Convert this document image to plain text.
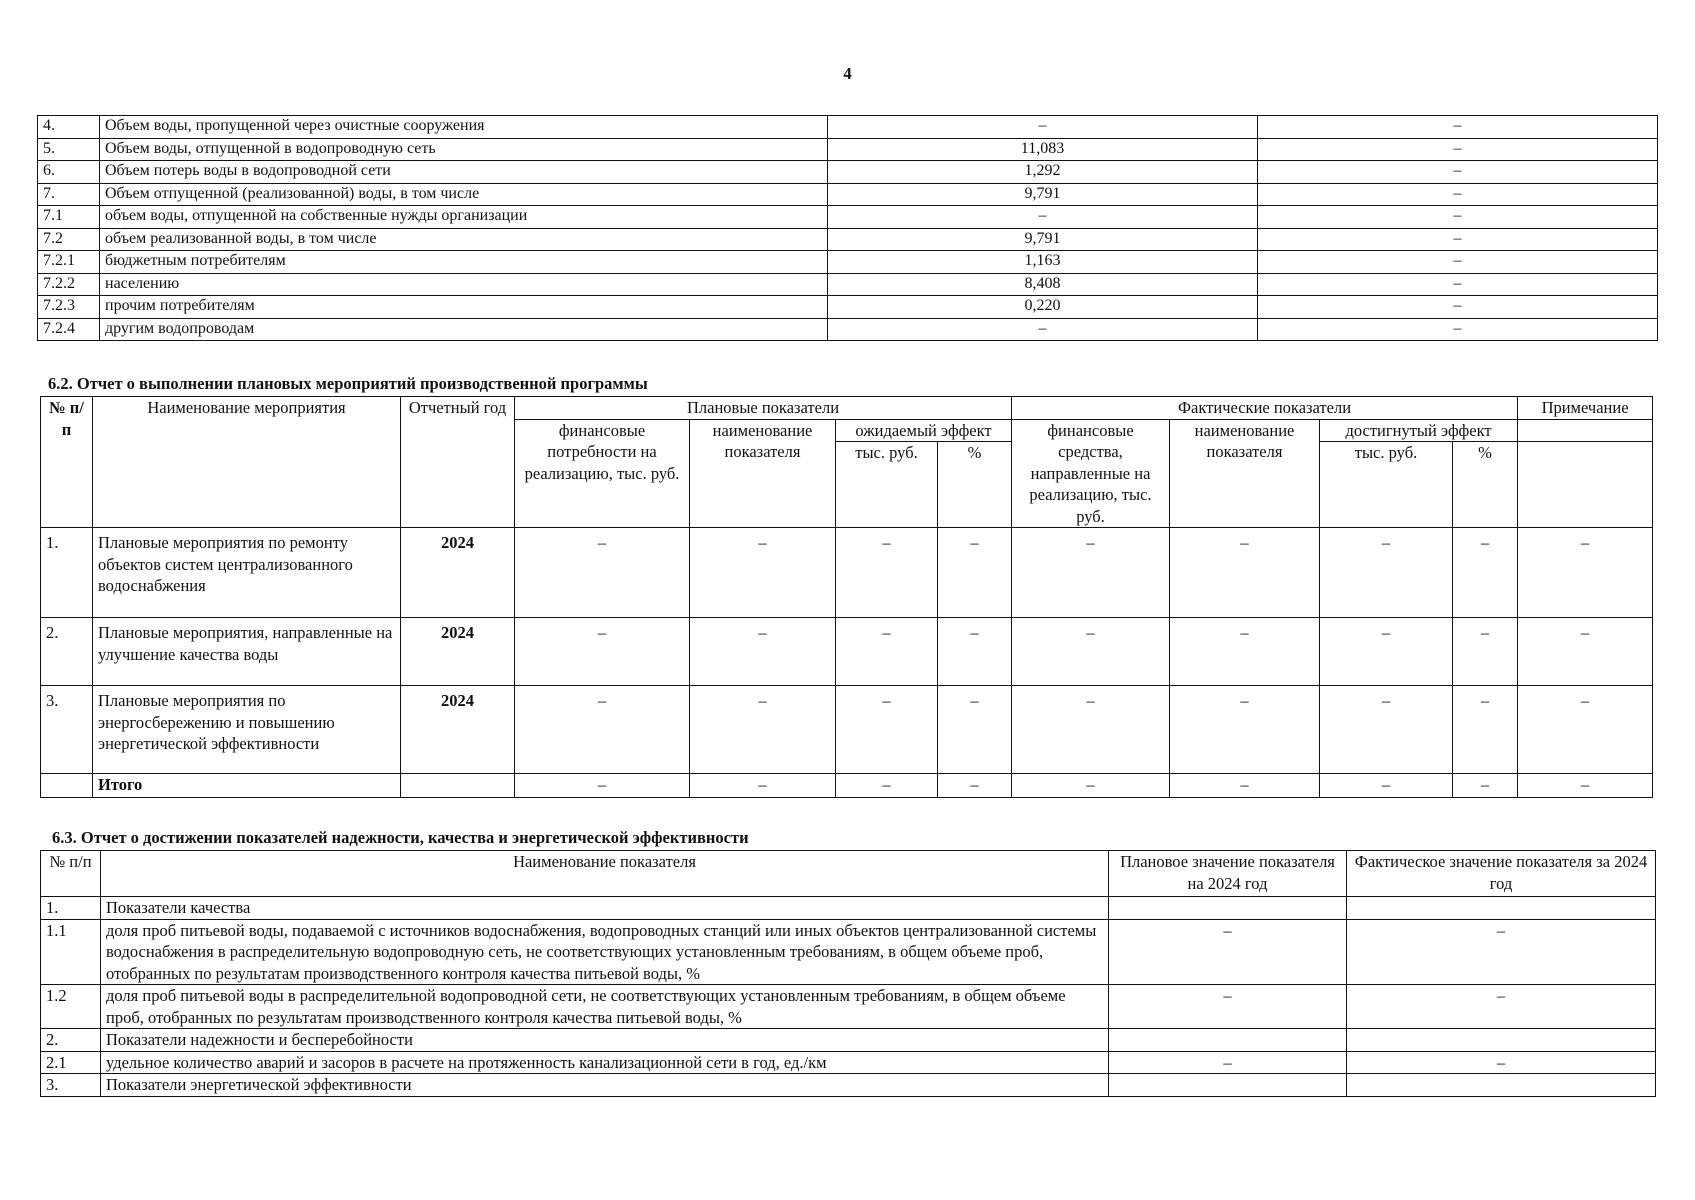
4
4.	Объем воды, пропущенной через очистные сооружения	–	–
5.	Объем воды, отпущенной в водопроводную сеть	11,083	–
6.	Объем потерь воды в водопроводной сети	1,292	–
7.	Объем отпущенной (реализованной) воды, в том числе	9,791	–
7.1	объем воды, отпущенной на собственные нужды организации	–	–
7.2	объем реализованной воды, в том числе	9,791	–
7.2.1	бюджетным потребителям	1,163	–
7.2.2	населению	8,408	–
7.2.3	прочим потребителям	0,220	–
7.2.4	другим водопроводам	–	–
6.2. Отчет о выполнении плановых мероприятий производственной программы
№ п/п	Наименование мероприятия	Отчетный год	Плановые показатели				Фактические показатели				Примечание
			финансовые потребности на реализацию, тыс. руб.	наименование показателя	ожидаемый эффект		финансовые средства, направленные на реализацию, тыс. руб.	наименование показателя	достигнутый эффект		
					тыс. руб.	%			тыс. руб.	%	
1.	Плановые мероприятия по ремонту объектов систем централизованного водоснабжения	2024	–	–	–	–	–	–	–	–	–
2.	Плановые мероприятия, направленные на улучшение качества воды	2024	–	–	–	–	–	–	–	–	–
3.	Плановые мероприятия по энергосбережению и повышению энергетической эффективности	2024	–	–	–	–	–	–	–	–	–
	Итого		–	–	–	–	–	–	–	–	–
6.3. Отчет о достижении показателей надежности, качества и энергетической эффективности
№ п/п	Наименование показателя	Плановое значение показателя на 2024 год	Фактическое значение показателя за 2024 год
1.	Показатели качества		
1.1	доля проб питьевой воды, подаваемой с источников водоснабжения, водопроводных станций или иных объектов централизованной системы водоснабжения в распределительную водопроводную сеть, не соответствующих установленным требованиям, в общем объеме проб, отобранных по результатам производственного контроля качества питьевой воды, %	–	–
1.2	доля проб питьевой воды в распределительной водопроводной сети, не соответствующих установленным требованиям, в общем объеме проб, отобранных по результатам производственного контроля качества питьевой воды, %	–	–
2.	Показатели надежности и бесперебойности		
2.1	удельное количество аварий и засоров в расчете на протяженность канализационной сети в год, ед./км	–	–
3.	Показатели энергетической эффективности		
